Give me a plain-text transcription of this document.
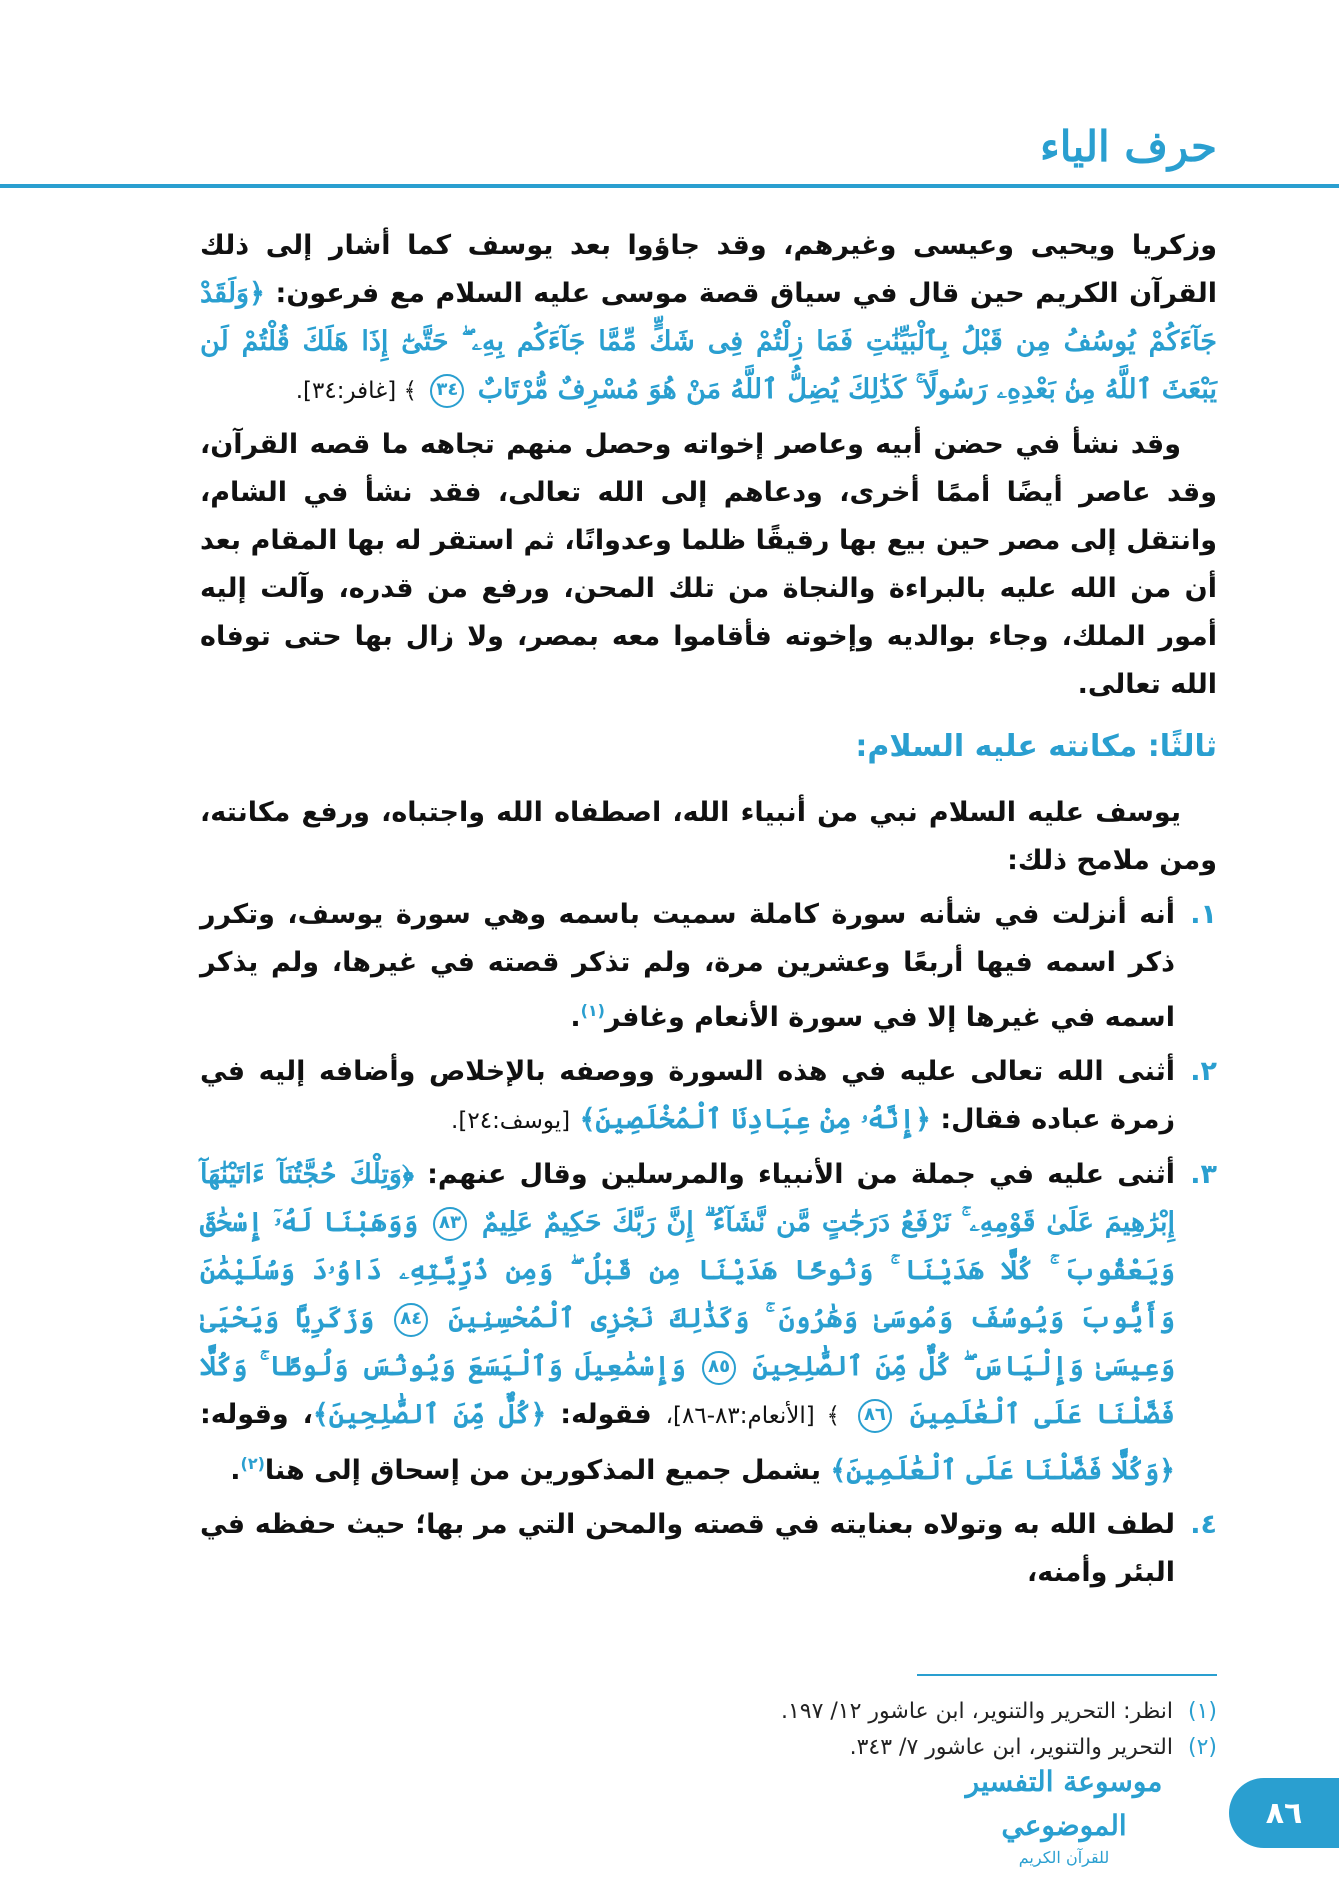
حرف الياء

وزكريا ويحيى وعيسى وغيرهم، وقد جاؤوا بعد يوسف كما أشار إلى ذلك القرآن الكريم حين قال في سياق قصة موسى عليه السلام مع فرعون: ﴿وَلَقَدْ جَآءَكُمْ يُوسُفُ مِن قَبْلُ بِٱلْبَيِّنَٰتِ فَمَا زِلْتُمْ فِى شَكٍّ مِّمَّا جَآءَكُم بِهِۦ ۖ حَتَّىٰٓ إِذَا هَلَكَ قُلْتُمْ لَن يَبْعَثَ ٱللَّهُ مِنۢ بَعْدِهِۦ رَسُولًا ۚ كَذَٰلِكَ يُضِلُّ ٱللَّهُ مَنْ هُوَ مُسْرِفٌ مُّرْتَابٌ ٣٤ ﴾ [غافر:٣٤].

وقد نشأ في حضن أبيه وعاصر إخواته وحصل منهم تجاهه ما قصه القرآن، وقد عاصر أيضًا أممًا أخرى، ودعاهم إلى الله تعالى، فقد نشأ في الشام، وانتقل إلى مصر حين بيع بها رقيقًا ظلما وعدوانًا، ثم استقر له بها المقام بعد أن من الله عليه بالبراءة والنجاة من تلك المحن، ورفع من قدره، وآلت إليه أمور الملك، وجاء بوالديه وإخوته فأقاموا معه بمصر، ولا زال بها حتى توفاه الله تعالى.

ثالثًا: مكانته عليه السلام:

يوسف عليه السلام نبي من أنبياء الله، اصطفاه الله واجتباه، ورفع مكانته، ومن ملامح ذلك:

١.
أنه أنزلت في شأنه سورة كاملة سميت باسمه وهي سورة يوسف، وتكرر ذكر اسمه فيها أربعًا وعشرين مرة، ولم تذكر قصته في غيرها، ولم يذكر اسمه في غيرها إلا في سورة الأنعام وغافر$^{(١)}$.
٢.
أثنى الله تعالى عليه في هذه السورة ووصفه بالإخلاص وأضافه إليه في زمرة عباده فقال: ﴿إِنَّهُۥ مِنْ عِبَادِنَا ٱلْمُخْلَصِينَ﴾ [يوسف:٢٤].
٣.
أثنى عليه في جملة من الأنبياء والمرسلين وقال عنهم: ﴿وَتِلْكَ حُجَّتُنَآ ءَاتَيْنَٰهَآ إِبْرَٰهِيمَ عَلَىٰ قَوْمِهِۦ ۚ نَرْفَعُ دَرَجَٰتٍ مَّن نَّشَآءُ ۗ إِنَّ رَبَّكَ حَكِيمٌ عَلِيمٌ ٨٣ وَوَهَبْنَا لَهُۥٓ إِسْحَٰقَ وَيَعْقُوبَ ۚ كُلًّا هَدَيْنَا ۚ وَنُوحًا هَدَيْنَا مِن قَبْلُ ۖ وَمِن ذُرِّيَّتِهِۦ دَاوُۥدَ وَسُلَيْمَٰنَ وَأَيُّوبَ وَيُوسُفَ وَمُوسَىٰ وَهَٰرُونَ ۚ وَكَذَٰلِكَ نَجْزِى ٱلْمُحْسِنِينَ ٨٤ وَزَكَرِيَّا وَيَحْيَىٰ وَعِيسَىٰ وَإِلْيَاسَ ۖ كُلٌّ مِّنَ ٱلصَّٰلِحِينَ ٨٥ وَإِسْمَٰعِيلَ وَٱلْيَسَعَ وَيُونُسَ وَلُوطًا ۚ وَكُلًّا فَضَّلْنَا عَلَى ٱلْعَٰلَمِينَ ٨٦ ﴾ [الأنعام:٨٣-٨٦]، فقوله: ﴿كُلٌّ مِّنَ ٱلصَّٰلِحِينَ﴾، وقوله: ﴿وَكُلًّا فَضَّلْنَا عَلَى ٱلْعَٰلَمِينَ﴾ يشمل جميع المذكورين من إسحاق إلى هنا$^{(٢)}$.
٤.
لطف الله به وتولاه بعنايته في قصته والمحن التي مر بها؛ حيث حفظه في البئر وأمنه،
(١) انظر: التحرير والتنوير، ابن عاشور ١٢/ ١٩٧.
(٢) التحرير والتنوير، ابن عاشور ٧/ ٣٤٣.
موسوعة التفسير الموضوعي
للقرآن الكريم
٨٦
